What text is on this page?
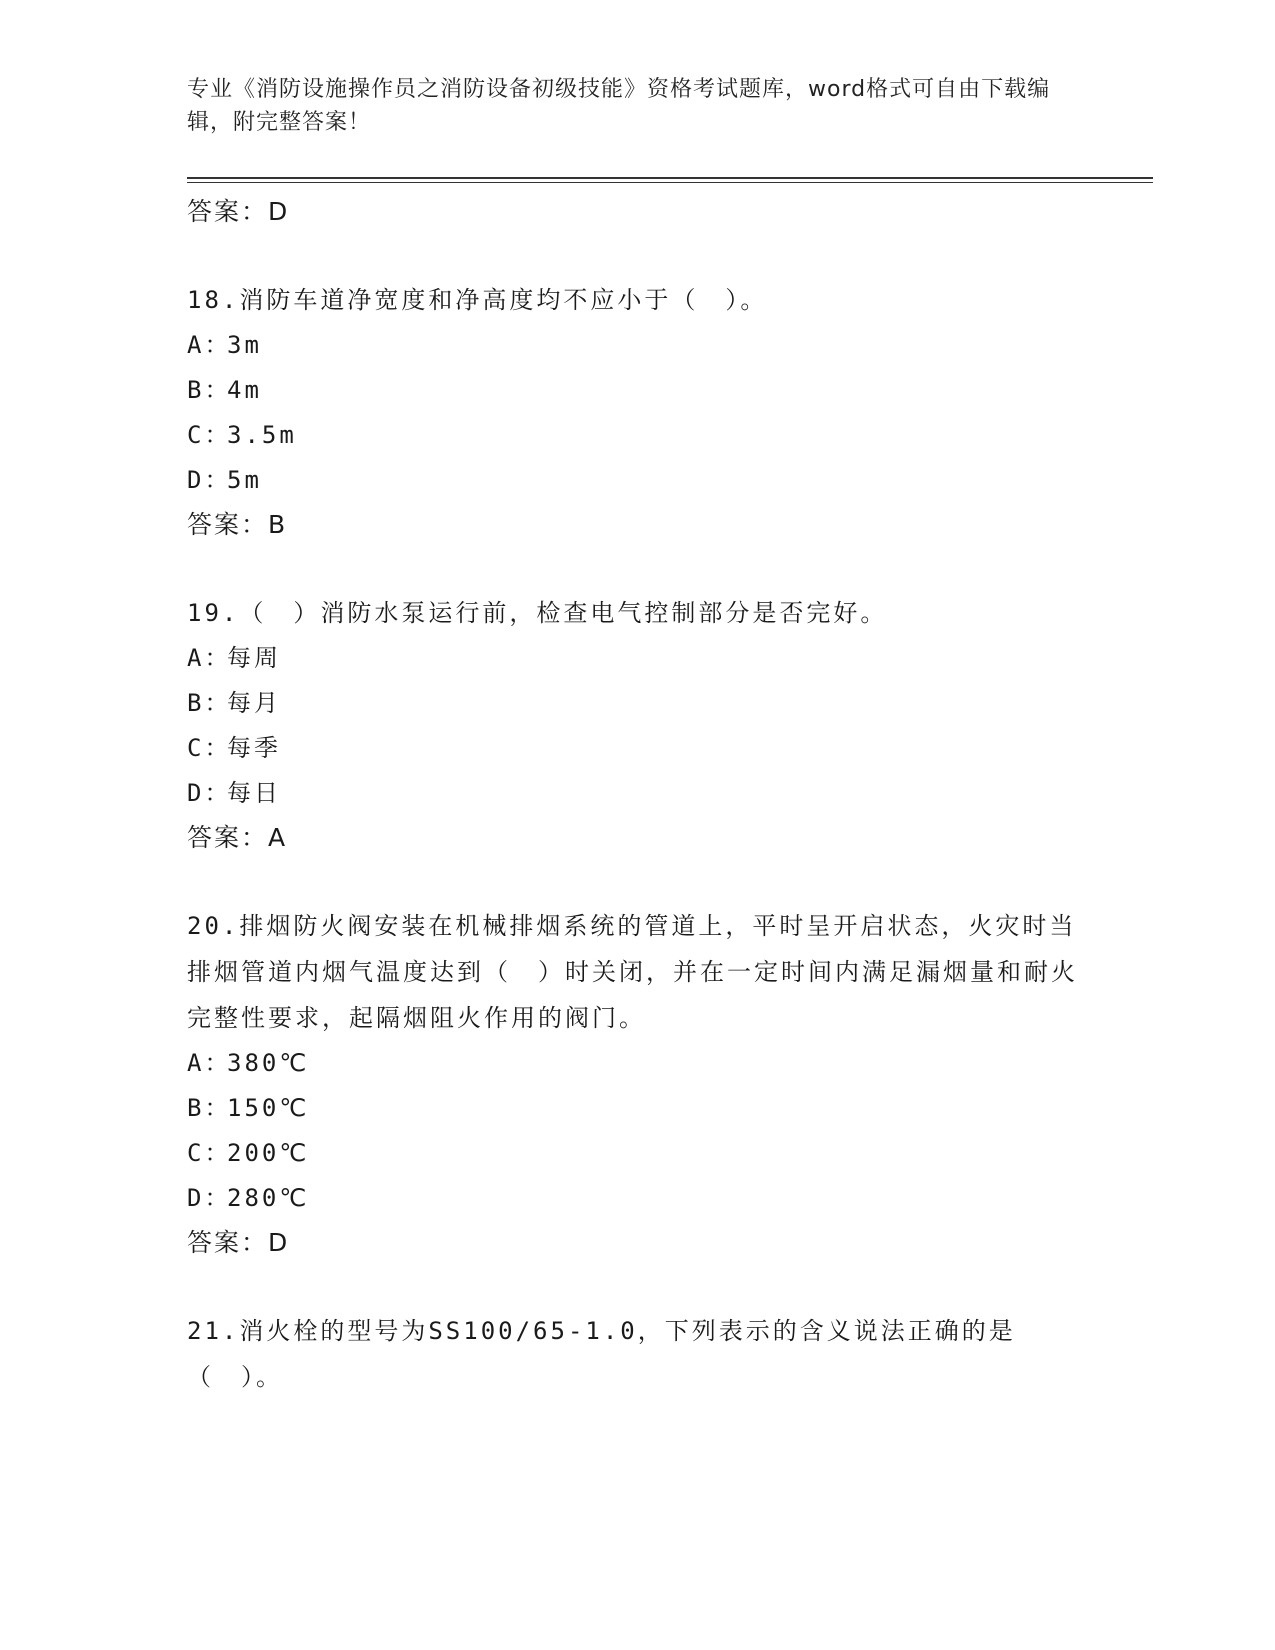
专业《消防设施操作员之消防设备初级技能》资格考试题库，word格式可自由下载编辑，附完整答案！

答案：D

18.消防车道净宽度和净高度均不应小于（　）。

A：3m

B：4m

C：3.5m

D：5m

答案：B

19.（　）消防水泵运行前，检查电气控制部分是否完好。

A：每周

B：每月

C：每季

D：每日

答案：A

20.排烟防火阀安装在机械排烟系统的管道上，平时呈开启状态，火灾时当排烟管道内烟气温度达到（　）时关闭，并在一定时间内满足漏烟量和耐火完整性要求，起隔烟阻火作用的阀门。

A：380℃

B：150℃

C：200℃

D：280℃

答案：D

21.消火栓的型号为SS100/65-1.0，下列表示的含义说法正确的是（　）。
